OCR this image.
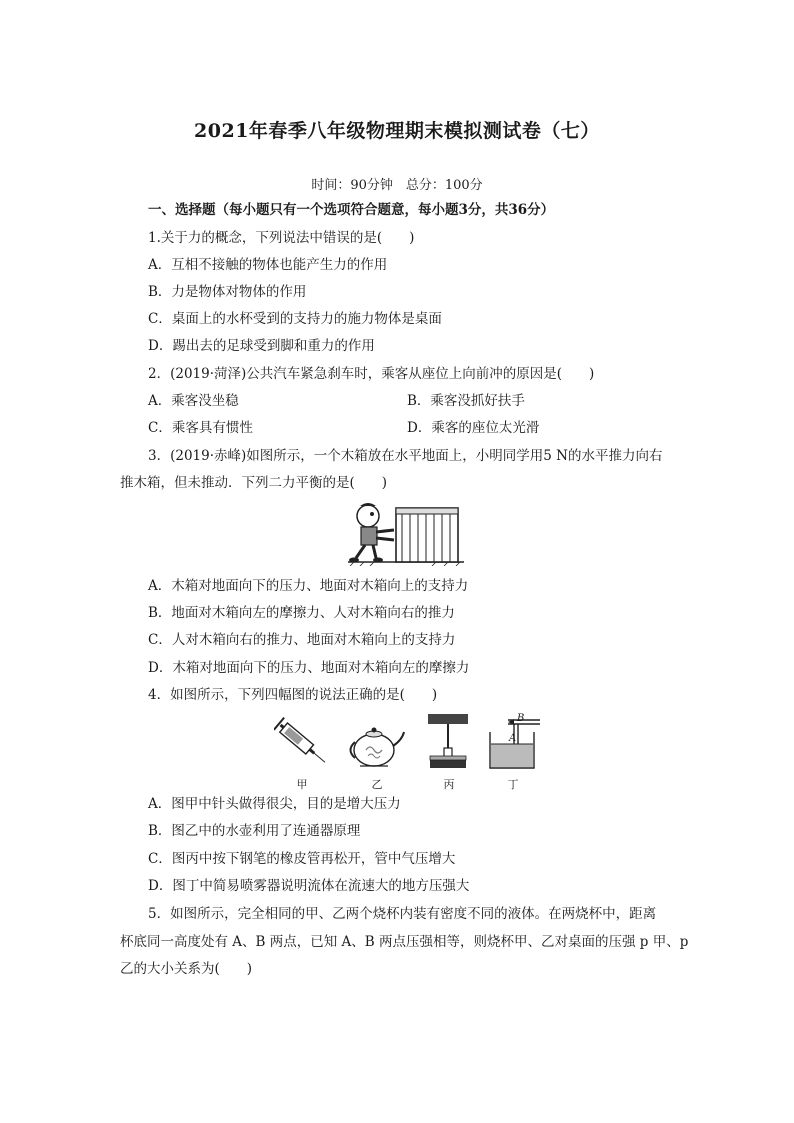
2021年春季八年级物理期末模拟测试卷（七）
时间：90分钟　总分：100分
一、选择题（每小题只有一个选项符合题意，每小题3分，共36分）
1.关于力的概念，下列说法中错误的是(　　)
A．互相不接触的物体也能产生力的作用
B．力是物体对物体的作用
C．桌面上的水杯受到的支持力的施力物体是桌面
D．踢出去的足球受到脚和重力的作用
2．(2019·菏泽)公共汽车紧急刹车时，乘客从座位上向前冲的原因是(　　)
A．乘客没坐稳	B．乘客没抓好扶手
C．乘客具有惯性	D．乘客的座位太光滑
3．(2019·赤峰)如图所示，一个木箱放在水平地面上，小明同学用5 N的水平推力向右
推木箱，但未推动．下列二力平衡的是(　　)
A．木箱对地面向下的压力、地面对木箱向上的支持力
B．地面对木箱向左的摩擦力、人对木箱向右的推力
C．人对木箱向右的推力、地面对木箱向上的支持力
D．木箱对地面向下的压力、地面对木箱向左的摩擦力
4．如图所示，下列四幅图的说法正确的是(　　)
甲	乙	丙
B
A
丁
A．图甲中针头做得很尖，目的是增大压力
B．图乙中的水壶利用了连通器原理
C．图丙中按下钢笔的橡皮管再松开，管中气压增大
D．图丁中简易喷雾器说明流体在流速大的地方压强大
5．如图所示，完全相同的甲、乙两个烧杯内装有密度不同的液体。在两烧杯中，距离
杯底同一高度处有 A、B 两点，已知 A、B 两点压强相等，则烧杯甲、乙对桌面的压强 p 甲、p
乙的大小关系为(　　)
